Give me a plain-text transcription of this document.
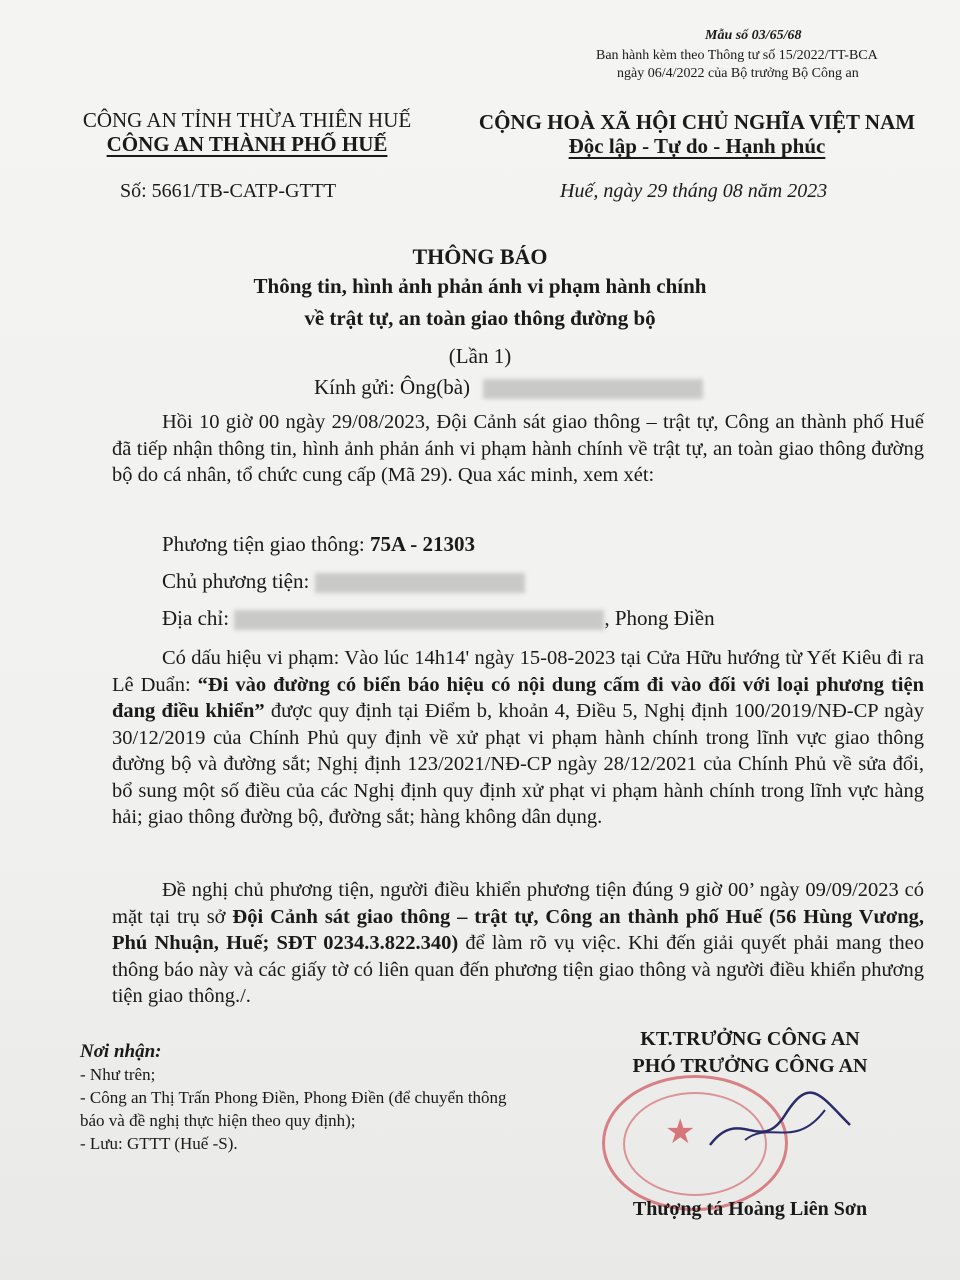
Mẫu số 03/65/68
Ban hành kèm theo Thông tư số 15/2022/TT-BCA
ngày 06/4/2022 của Bộ trưởng Bộ Công an
CÔNG AN TỈNH THỪA THIÊN HUẾ
CÔNG AN THÀNH PHỐ HUẾ
CỘNG HOÀ XÃ HỘI CHỦ NGHĨA VIỆT NAM
Độc lập - Tự do - Hạnh phúc
Số: 5661/TB-CATP-GTTT	Huế, ngày 29 tháng 08 năm 2023
THÔNG BÁO
Thông tin, hình ảnh phản ánh vi phạm hành chính
về trật tự, an toàn giao thông đường bộ
(Lần 1)
Kính gửi: Ông(bà)
Hồi 10 giờ 00 ngày 29/08/2023, Đội Cảnh sát giao thông – trật tự, Công an thành phố Huế đã tiếp nhận thông tin, hình ảnh phản ánh vi phạm hành chính về trật tự, an toàn giao thông đường bộ do cá nhân, tổ chức cung cấp (Mã 29). Qua xác minh, xem xét:
Phương tiện giao thông: 75A - 21303
Chủ phương tiện:
Địa chỉ:	, Phong Điền
Có dấu hiệu vi phạm: Vào lúc 14h14' ngày 15-08-2023 tại Cửa Hữu hướng từ Yết Kiêu đi ra Lê Duẩn: “Đi vào đường có biển báo hiệu có nội dung cấm đi vào đối với loại phương tiện đang điều khiển” được quy định tại Điểm b, khoản 4, Điều 5, Nghị định 100/2019/NĐ-CP ngày 30/12/2019 của Chính Phủ quy định về xử phạt vi phạm hành chính trong lĩnh vực giao thông đường bộ và đường sắt; Nghị định 123/2021/NĐ-CP ngày 28/12/2021 của Chính Phủ về sửa đổi, bổ sung một số điều của các Nghị định quy định xử phạt vi phạm hành chính trong lĩnh vực hàng hải; giao thông đường bộ, đường sắt; hàng không dân dụng.
Đề nghị chủ phương tiện, người điều khiển phương tiện đúng 9 giờ 00’ ngày 09/09/2023 có mặt tại trụ sở Đội Cảnh sát giao thông – trật tự, Công an thành phố Huế (56 Hùng Vương, Phú Nhuận, Huế; SĐT 0234.3.822.340) để làm rõ vụ việc. Khi đến giải quyết phải mang theo thông báo này và các giấy tờ có liên quan đến phương tiện giao thông và người điều khiển phương tiện giao thông./.
Nơi nhận:
- Như trên;
- Công an Thị Trấn Phong Điền, Phong Điền (để chuyển thông báo và đề nghị thực hiện theo quy định);
- Lưu: GTTT (Huế -S).
KT.TRƯỞNG CÔNG AN
PHÓ TRƯỞNG CÔNG AN
★
Thượng tá Hoàng Liên Sơn
